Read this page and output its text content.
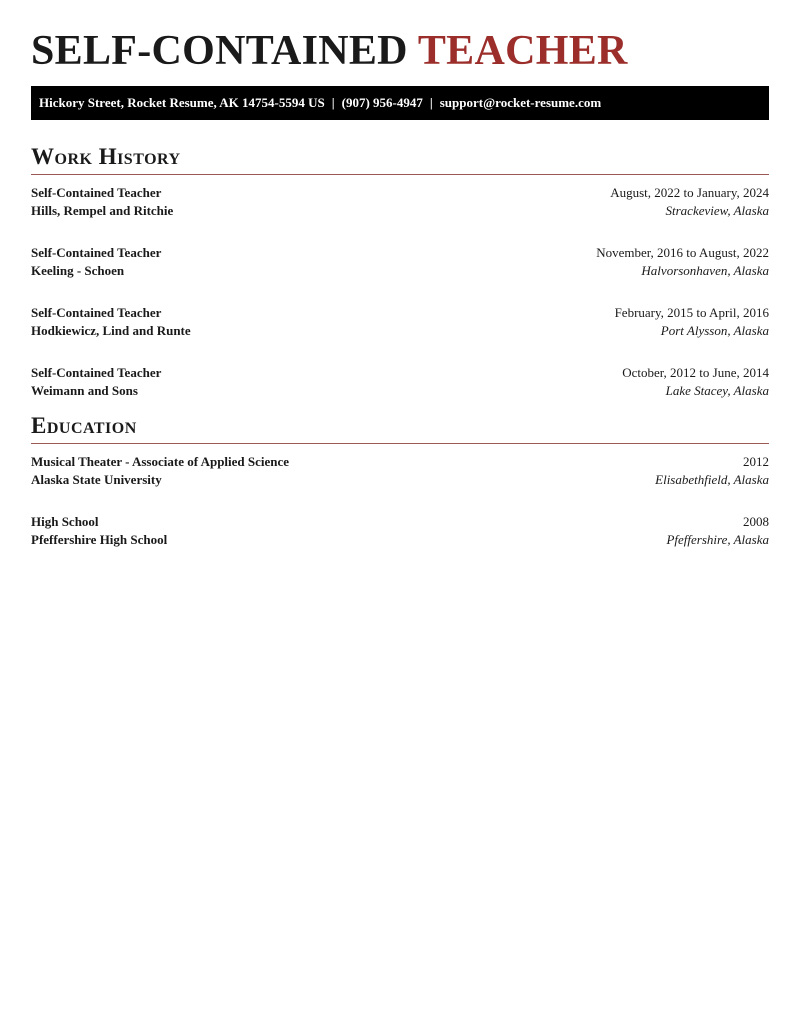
SELF-CONTAINED TEACHER
Hickory Street, Rocket Resume, AK 14754-5594 US | (907) 956-4947 | support@rocket-resume.com
Work History
Self-Contained Teacher	August, 2022 to January, 2024
Hills, Rempel and Ritchie	Strackeview, Alaska
Self-Contained Teacher	November, 2016 to August, 2022
Keeling - Schoen	Halvorsonhaven, Alaska
Self-Contained Teacher	February, 2015 to April, 2016
Hodkiewicz, Lind and Runte	Port Alysson, Alaska
Self-Contained Teacher	October, 2012 to June, 2014
Weimann and Sons	Lake Stacey, Alaska
Education
Musical Theater - Associate of Applied Science	2012
Alaska State University	Elisabethfield, Alaska
High School	2008
Pfeffershire High School	Pfeffershire, Alaska
